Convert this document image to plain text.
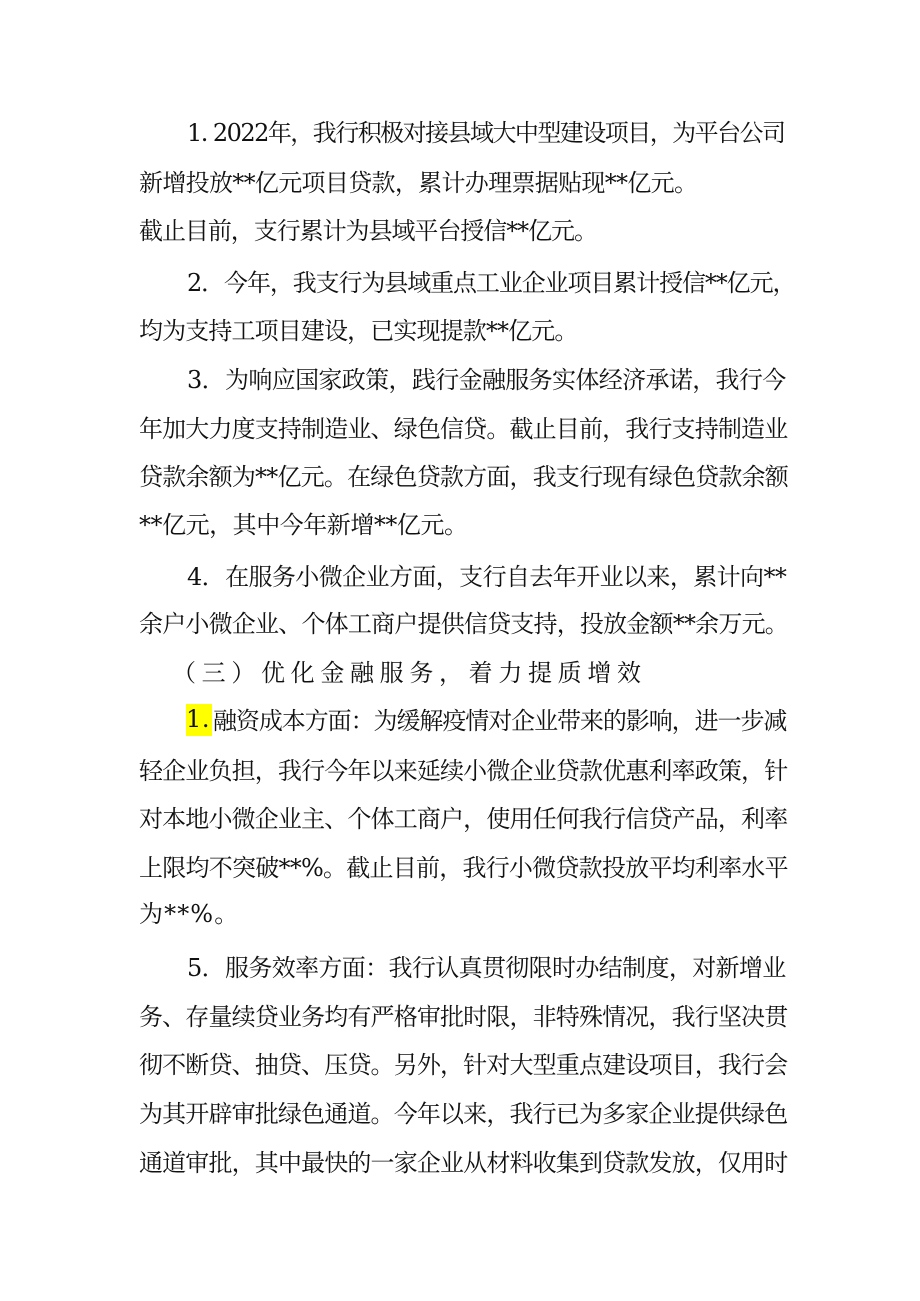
1. 2022年，我行积极对接县域大中型建设项目，为平台公司
新增投放**亿元项目贷款，累计办理票据贴现**亿元。
截止目前，支行累计为县域平台授信**亿元。
2．今年，我支行为县域重点工业企业项目累计授信**亿元，
均为支持工项目建设，已实现提款**亿元。
3．为响应国家政策，践行金融服务实体经济承诺，我行今
年加大力度支持制造业、绿色信贷。截止目前，我行支持制造业
贷款余额为**亿元。在绿色贷款方面，我支行现有绿色贷款余额
**亿元，其中今年新增**亿元。
4．在服务小微企业方面，支行自去年开业以来，累计向**
余户小微企业、个体工商户提供信贷支持，投放金额**余万元。
（三）优化金融服务，着力提质增效
1. 融资成本方面：为缓解疫情对企业带来的影响，进一步减
轻企业负担，我行今年以来延续小微企业贷款优惠利率政策，针
对本地小微企业主、个体工商户，使用任何我行信贷产品，利率
上限均不突破**%。截止目前，我行小微贷款投放平均利率水平
为**%。
5．服务效率方面：我行认真贯彻限时办结制度，对新增业
务、存量续贷业务均有严格审批时限，非特殊情况，我行坚决贯
彻不断贷、抽贷、压贷。另外，针对大型重点建设项目，我行会
为其开辟审批绿色通道。今年以来，我行已为多家企业提供绿色
通道审批，其中最快的一家企业从材料收集到贷款发放，仅用时
